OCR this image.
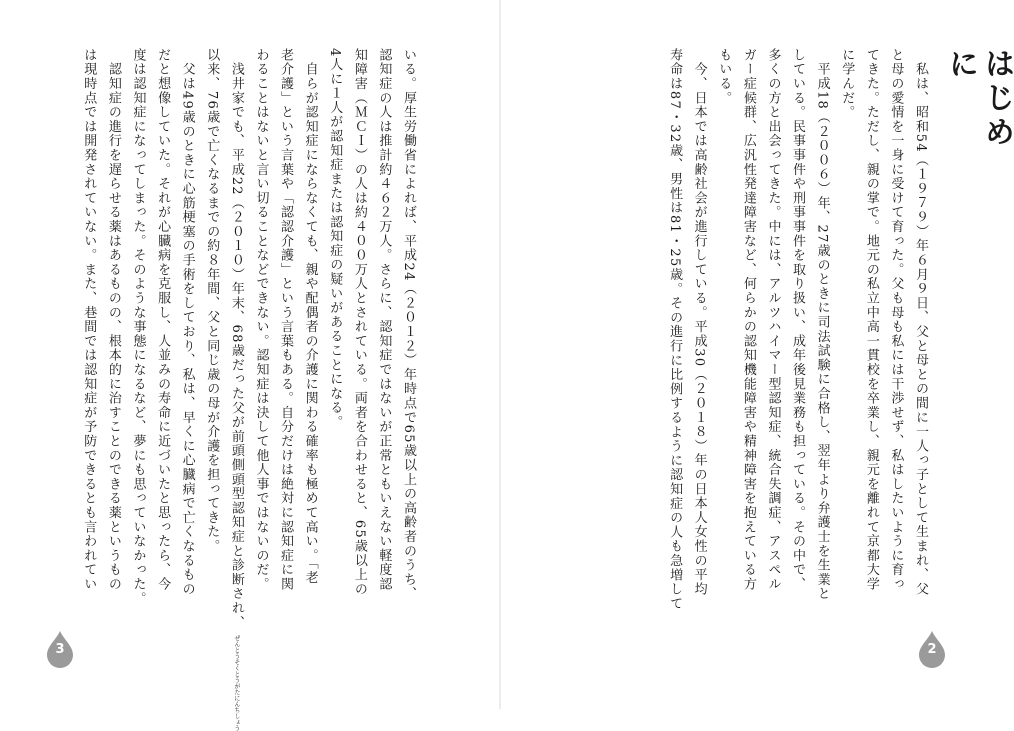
いる。厚生労働省によれば、平成24（２０１２）年時点で65歳以上の高齢者のうち、
認知症の人は推計約４６２万人。さらに、認知症ではないが正常ともいえない軽度認
知障害（ＭＣＩ）の人は約４００万人とされている。両者を合わせると、65歳以上の
4人に１人が認知症または認知症の疑いがあることになる。
　自らが認知症にならなくても、親や配偶者の介護に関わる確率も極めて高い。「老
老介護」という言葉や「認認介護」という言葉もある。自分だけは絶対に認知症に関
わることはないと言い切ることなどできない。認知症は決して他人事ではないのだ。
　浅井家でも、平成22（２０１０）年末、68歳だった父が前頭側頭型認知症と診断され、 ぜんとうそくとうがたにんちしょう
以来、76歳で亡くなるまでの約８年間、父と同じ歳の母が介護を担ってきた。
　父は49歳のときに心筋梗塞の手術をしており、私は、早くに心臓病で亡くなるもの
だと想像していた。それが心臓病を克服し、人並みの寿命に近づいたと思ったら、今
度は認知症になってしまった。そのような事態になるなど、夢にも思っていなかった。
　認知症の進行を遅らせる薬はあるものの、根本的に治すことのできる薬というもの
は現時点では開発されていない。また、巷間では認知症が予防できるとも言われてい
3
はじめに
　私は、昭和54（１９７９）年６月９日、父と母との間に一人っ子として生まれ、父
と母の愛情を一身に受けて育った。父も母も私には干渉せず、私はしたいように育っ
てきた。ただし、親の掌で。地元の私立中高一貫校を卒業し、親元を離れて京都大学
に学んだ。
　平成18（２００６）年、27歳のときに司法試験に合格し、翌年より弁護士を生業と
している。民事事件や刑事事件を取り扱い、成年後見業務も担っている。その中で、
多くの方と出会ってきた。中には、アルツハイマー型認知症、統合失調症、アスペル
ガー症候群、広汎性発達障害など、何らかの認知機能障害や精神障害を抱えている方
もいる。
　今、日本では高齢社会が進行している。平成30（２０１８）年の日本人女性の平均
寿命は87・32歳、男性は81・25歳。その進行に比例するように認知症の人も急増して
2
